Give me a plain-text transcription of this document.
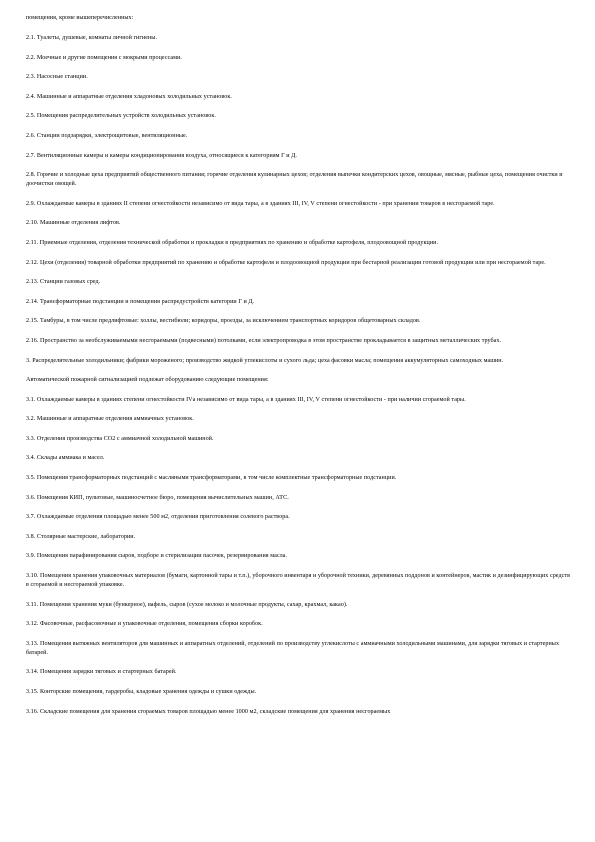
помещения, кроме вышеперечисленных:

2.1. Туалеты, душевые, комнаты личной гигиены.

2.2. Моечные и другие помещения с мокрыми процессами.

2.3. Насосные станции.

2.4. Машинные и аппаратные отделения хладоновых холодильных установок.

2.5. Помещения распределительных устройств холодильных установок.

2.6. Станции подзарядки, электрощитовые, вентиляционные.

2.7. Вентиляционные камеры и камеры кондиционирования воздуха, относящиеся к категориям Г и Д.

2.8. Горячие и холодные цеха предприятий общественного питания; горячие отделения кулинарных цехов; отделения выпечки кондитерских цехов, овощные, мясные, рыбные цеха, помещения очистки и доочистки овощей.

2.9. Охлаждаемые камеры в зданиях II степени огнестойкости независимо от вида тары, а в зданиях III, IV, V степени огнестойкости - при хранении товаров в несгораемой таре.

2.10. Машинные отделения лифтов.

2.11. Приемные отделения, отделения технической обработки и прокладки в предприятиях по хранению и обработке картофеля, плодоовощной продукции.

2.12. Цехи (отделения) товарной обработки предприятий по хранению и обработке картофеля и плодоовощной продукции при бестарной реализации готовой продукции или при несгораемой таре.

2.13. Станции газовых сред.

2.14. Трансформаторные подстанции и помещения распредустройств категории Г и Д.

2.15. Тамбуры, в том числе предлифтовые: холлы, вестибюли; коридоры, проезды, за исключением транспортных коридоров общетоварных складов.

2.16. Пространство за необслуживаемыми несгораемыми (подвесными) потолками, если электропроводка в этом пространстве прокладывается в защитных металлических трубах.

3. Распределительные холодильники; фабрики мороженого; производство жидкой углекислоты и сухого льда; цеха фасовки масла; помещения аккумуляторных самоходных машин.

Автоматической пожарной сигнализацией подлежат оборудованию следующие помещения:

3.1. Охлаждаемые камеры в зданиях степени огнестойкости IVа независимо от вида тары, а в зданиях III, IV, V степени огнестойкости - при наличии сгораемой тары.

3.2. Машинные и аппаратные отделения аммиачных установок.

3.3. Отделения производства СО2 с аммиачной холодильной машиной.

3.4. Склады аммиака и масел.

3.5. Помещения трансформаторных подстанций с масляными трансформаторами, в том числе комплектные трансформаторные подстанции.

3.6. Помещения КИП, пультовые, машиносчетное бюро, помещения вычислительных машин, АТС.

3.7. Охлаждаемые отделения площадью менее 500 м2, отделения приготовления солевого раствора.

3.8. Столярные мастерские, лаборатории.

3.9. Помещения парафинирования сыров, подборе и стерилизации пасочек, резервирования масла.

3.10. Помещения хранения упаковочных материалов (бумаги, картонной тары и т.п.), уборочного инвентаря и уборочной техники, деревянных поддонов и контейнеров, мастик и дезинфицирующих средств в сгораемой и несгораемой упаковке.

3.11. Помещения хранения муки (бункерное), вафель, сыров (сухое молоко и молочные продукты, сахар, крахмал, какао).

3.12. Фасовочные, расфасовочные и упаковочные отделения, помещения сборки коробок.

3.13. Помещения вытяжных вентиляторов для машинных и аппаратных отделений, отделений по производству углекислоты с аммиачными холодильными машинами, для зарядки тяговых и стартерных батарей.

3.14. Помещения зарядки тяговых и стартерных батарей.

3.15. Конторские помещения, гардеробы, кладовые хранения одежды и сушки одежды.

3.16. Складские помещения для хранения сгораемых товаров площадью менее 1000 м2, складские помещения для хранения несгораемых
